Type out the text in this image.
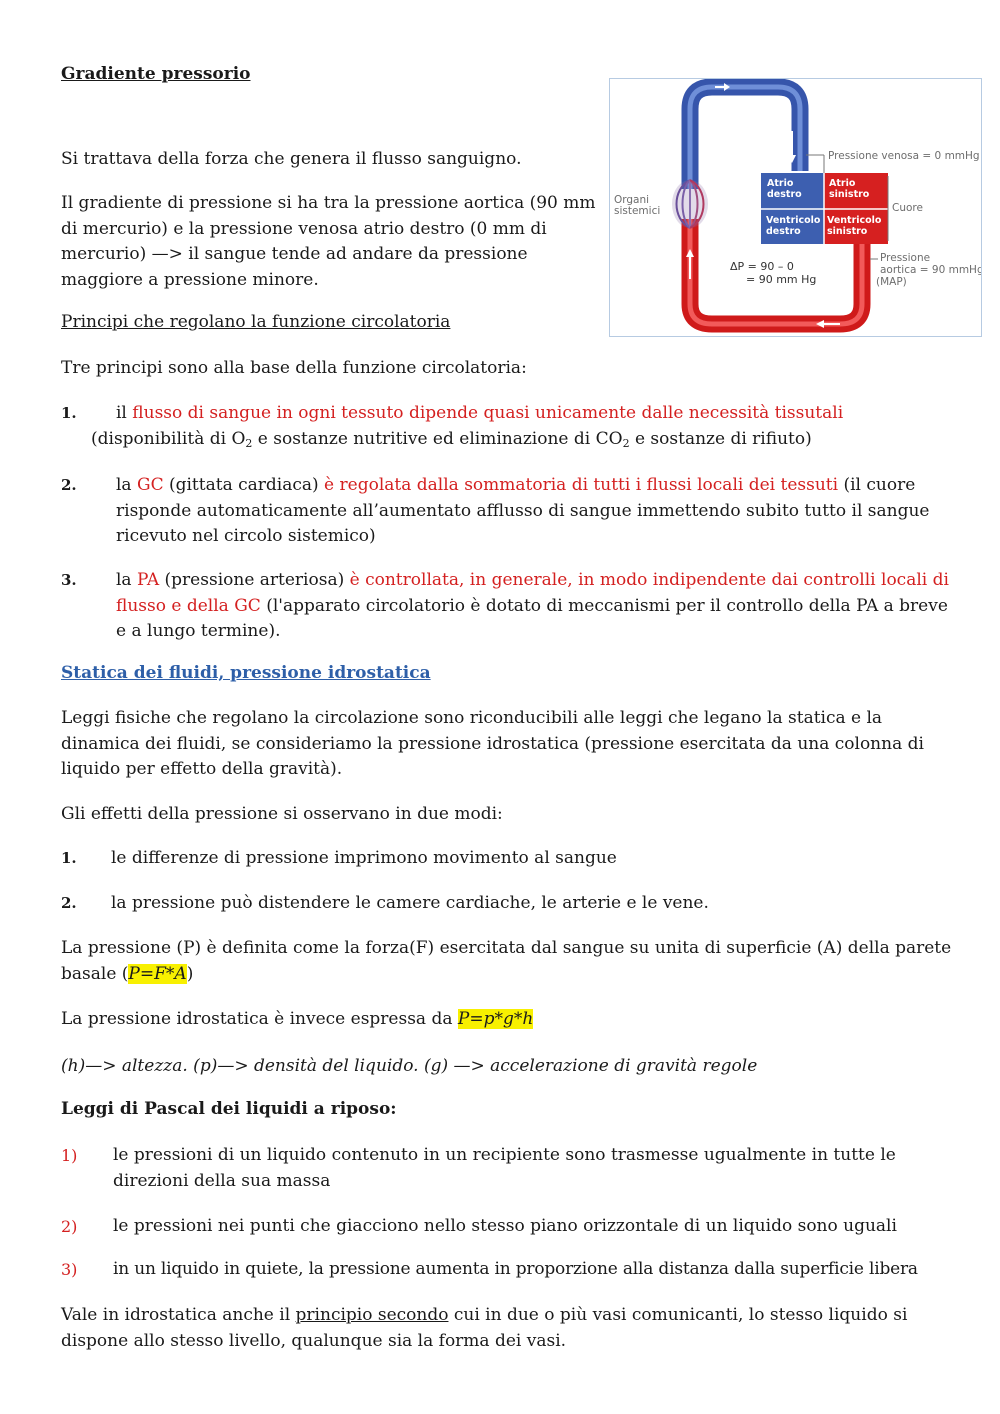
Gradiente pressorio
Si trattava della forza che genera il flusso sanguigno.
Il gradiente di pressione si ha tra la pressione aortica (90 mm
di mercurio) e la pressione venosa atrio destro (0 mm di
mercurio) —> il sangue tende ad andare da pressione
maggiore a pressione minore.
Principi che regolano la funzione circolatoria
Tre principi sono alla base della funzione circolatoria:
1.	il flusso di sangue in ogni tessuto dipende quasi unicamente dalle necessità tissutali
(disponibilità di $O_2$ e sostanze nutritive ed eliminazione di $CO_2$ e sostanze di rifiuto)
2. la GC (gittata cardiaca) è regolata dalla sommatoria di tutti i flussi locali dei tessuti (il cuore
risponde automaticamente all’aumentato afflusso di sangue immettendo subito tutto il sangue
ricevuto nel circolo sistemico)
3. la PA (pressione arteriosa) è controllata, in generale, in modo indipendente dai controlli locali di
flusso e della GC (l'apparato circolatorio è dotato di meccanismi per il controllo della PA a breve
e a lungo termine).
Statica dei fluidi, pressione idrostatica
Leggi fisiche che regolano la circolazione sono riconducibili alle leggi che legano la statica e la
dinamica dei fluidi, se consideriamo la pressione idrostatica (pressione esercitata da una colonna di
liquido per effetto della gravità).
Gli effetti della pressione si osservano in due modi:
1.	le differenze di pressione imprimono movimento al sangue
2.	la pressione può distendere le camere cardiache, le arterie e le vene.
La pressione (P) è definita come la forza(F) esercitata dal sangue su unita di superficie (A) della parete
basale (P=F*A)
La pressione idrostatica è invece espressa da P=p*g*h
(h)—> altezza. (p)—> densità del liquido. (g) —> accelerazione di gravità regole
Leggi di Pascal dei liquidi a riposo:
1) le pressioni di un liquido contenuto in un recipiente sono trasmesse ugualmente in tutte le
direzioni della sua massa
2)	le pressioni nei punti che giacciono nello stesso piano orizzontale di un liquido sono uguali
3)	in un liquido in quiete, la pressione aumenta in proporzione alla distanza dalla superficie libera
Vale in idrostatica anche il principio secondo cui in due o più vasi comunicanti, lo stesso liquido si
dispone allo stesso livello, qualunque sia la forma dei vasi.
Organi
sistemici
Pressione venosa = 0 mmHg
Cuore
Pressione
aortica = 90 mmHg
(MAP)
ΔP = 90 – 0
= 90 mm Hg
Atrio
destro
Atrio
sinistro
Ventricolo
destro
Ventricolo
sinistro
